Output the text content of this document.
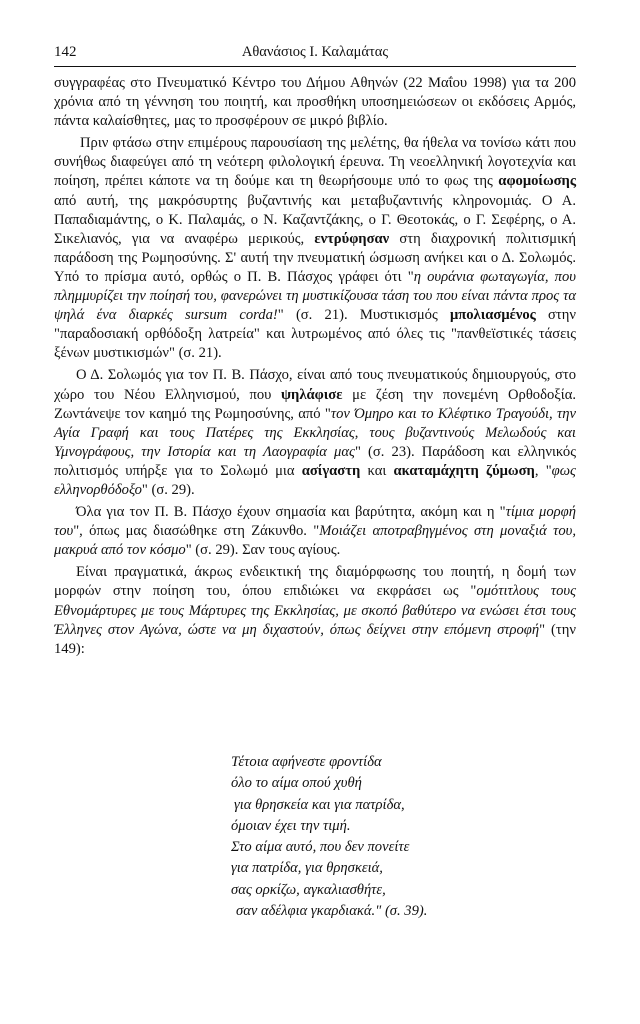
142	Αθανάσιος Ι. Καλαμάτας

συγγραφέας στο Πνευματικό Κέντρο του Δήμου Αθηνών (22 Μαΐου 1998) για τα 200 χρόνια από τη γέννηση του ποιητή, και προσθήκη υποσημειώσεων οι εκδόσεις Αρμός, πάντα καλαίσθητες, μας το προσφέρουν σε μικρό βιβλίο.

Πριν φτάσω στην επιμέρους παρουσίαση της μελέτης, θα ήθελα να τονίσω κάτι που συνήθως διαφεύγει από τη νεότερη φιλολογική έρευνα. Τη νεοελληνική λογοτεχνία και ποίηση, πρέπει κάποτε να τη δούμε και τη θεωρήσουμε υπό το φως της αφομοίωσης από αυτή, της μακρόσυρτης βυζαντινής και μεταβυζαντινής κληρονομιάς. Ο Α. Παπαδιαμάντης, ο Κ. Παλαμάς, ο Ν. Καζαντζάκης, ο Γ. Θεοτοκάς, ο Γ. Σεφέρης, ο Α. Σικελιανός, για να αναφέρω μερικούς, εντρύφησαν στη διαχρονική πολιτισμική παράδοση της Ρωμηοσύνης. Σ' αυτή την πνευματική ώσμωση ανήκει και ο Δ. Σολωμός. Υπό το πρίσμα αυτό, ορθώς ο Π. Β. Πάσχος γράφει ότι "η ουράνια φωταγωγία, που πλημμυρίζει την ποίησή του, φανερώνει τη μυστικίζουσα τάση του που είναι πάντα προς τα ψηλά ένα διαρκές sursum corda!" (σ. 21). Μυστικισμός μπολιασμένος στην "παραδοσιακή ορθόδοξη λατρεία" και λυτρωμένος από όλες τις "πανθεϊστικές τάσεις ξένων μυστικισμών" (σ. 21).

Ο Δ. Σολωμός για τον Π. Β. Πάσχο, είναι από τους πνευματικούς δημιουργούς, στο χώρο του Νέου Ελληνισμού, που ψηλάφισε με ζέση την πονεμένη Ορθοδοξία. Ζωντάνεψε τον καημό της Ρωμηοσύνης, από "τον Όμηρο και το Κλέφτικο Τραγούδι, την Αγία Γραφή και τους Πατέρες της Εκκλησίας, τους βυζαντινούς Μελωδούς και Υμνογράφους, την Ιστορία και τη Λαογραφία μας" (σ. 23). Παράδοση και ελληνικός πολιτισμός υπήρξε για το Σολωμό μια ασίγαστη και ακαταμάχητη ζύμωση, "φως ελληνορθόδοξο" (σ. 29).

Όλα για τον Π. Β. Πάσχο έχουν σημασία και βαρύτητα, ακόμη και η "τίμια μορφή του", όπως μας διασώθηκε στη Ζάκυνθο. "Μοιάζει αποτραβηγμένος στη μοναξιά του, μακρυά από τον κόσμο" (σ. 29). Σαν τους αγίους.

Είναι πραγματικά, άκρως ενδεικτική της διαμόρφωσης του ποιητή, η δομή των μορφών στην ποίηση του, όπου επιδιώκει να εκφράσει ως "ομότιτλους τους Εθνομάρτυρες με τους Μάρτυρες της Εκκλησίας, με σκοπό βαθύτερο να ενώσει έτσι τους Έλληνες στον Αγώνα, ώστε να μη διχαστούν, όπως δείχνει στην επόμενη στροφή" (την 149):

Τέτοια αφήνεστε φροντίδα
όλο το αίμα οπού χυθή
για θρησκεία και για πατρίδα,
όμοιαν έχει την τιμή.
Στο αίμα αυτό, που δεν πονείτε
για πατρίδα, για θρησκειά,
σας ορκίζω, αγκαλιασθήτε,
σαν αδέλφια γκαρδιακά." (σ. 39).
